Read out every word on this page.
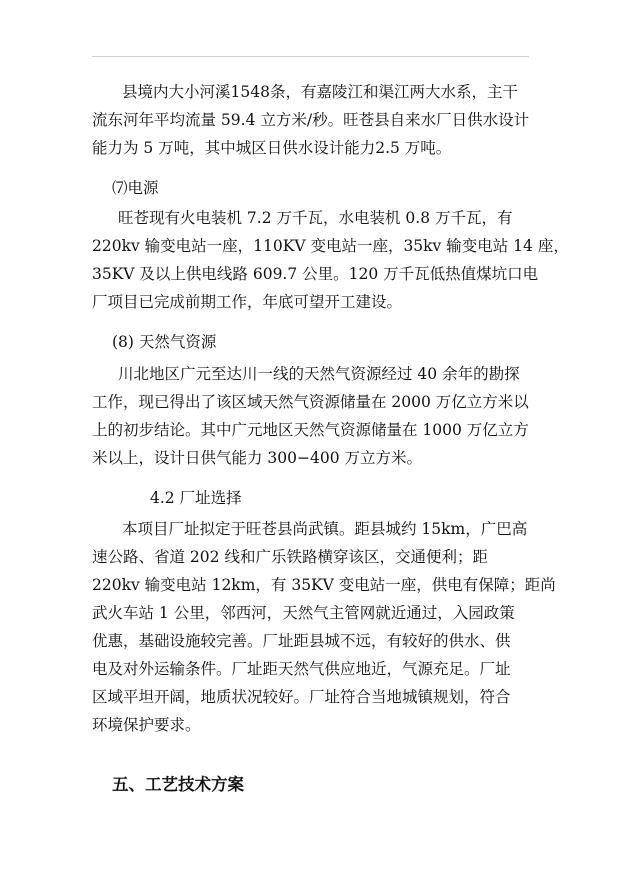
县境内大小河溪1548条，有嘉陵江和渠江两大水系，主干
流东河年平均流量 59.4 立方米/秒。旺苍县自来水厂日供水设计
能力为 5 万吨，其中城区日供水设计能力2.5 万吨。
⑺电源
旺苍现有火电装机 7.2 万千瓦，水电装机 0.8 万千瓦，有
220kv 输变电站一座，110KV 变电站一座，35kv 输变电站 14 座，
35KV 及以上供电线路 609.7 公里。120 万千瓦低热值煤坑口电
厂项目已完成前期工作，年底可望开工建设。
(8) 天然气资源
川北地区广元至达川一线的天然气资源经过 40 余年的勘探
工作，现已得出了该区域天然气资源储量在 2000 万亿立方米以
上的初步结论。其中广元地区天然气资源储量在 1000 万亿立方
米以上，设计日供气能力 300−400 万立方米。
4.2 厂址选择
本项目厂址拟定于旺苍县尚武镇。距县城约 15km，广巴高
速公路、省道 202 线和广乐铁路横穿该区，交通便利；距
220kv 输变电站 12km，有 35KV 变电站一座，供电有保障；距尚
武火车站 1 公里，邻西河，天然气主管网就近通过，入园政策
优惠，基础设施较完善。厂址距县城不远，有较好的供水、供
电及对外运输条件。厂址距天然气供应地近，气源充足。厂址
区域平坦开阔，地质状况较好。厂址符合当地城镇规划，符合
环境保护要求。
五、工艺技术方案
